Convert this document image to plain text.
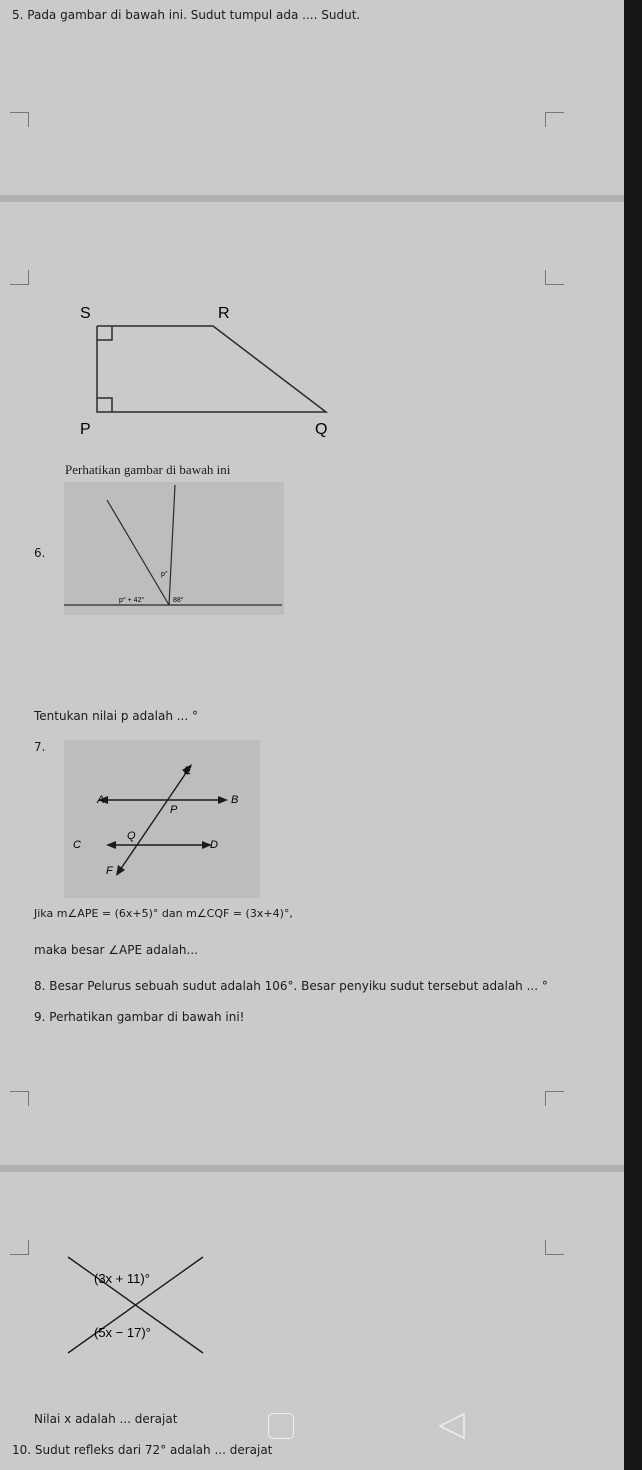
5. Pada gambar di bawah ini. Sudut tumpul ada .... Sudut.
S	R
P	Q
Perhatikan gambar di bawah ini
6.
p°
p° + 42°	88°
Tentukan nilai p adalah ... °
7.
E
A
P
B
Q
C	D
F
Jika m∠APE = (6x+5)° dan m∠CQF = (3x+4)°,
maka besar ∠APE adalah...
8. Besar Pelurus sebuah sudut adalah 106°. Besar penyiku sudut tersebut adalah ... °
9. Perhatikan gambar di bawah ini!
(3x + 11)°
(5x − 17)°
Nilai x adalah ... derajat
10. Sudut refleks dari 72° adalah ... derajat
